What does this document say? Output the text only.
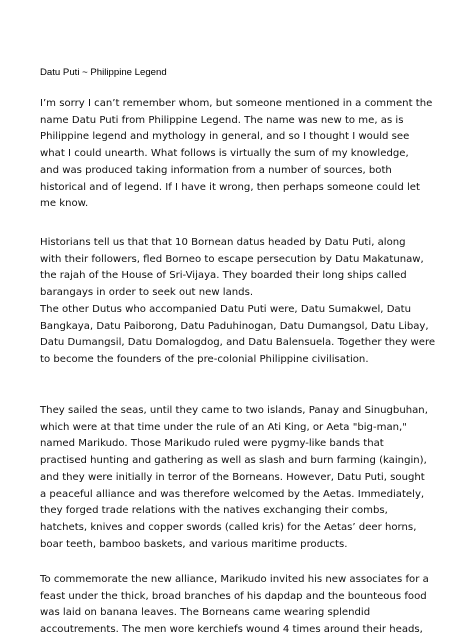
Datu Puti ~ Philippine Legend

I’m sorry I can’t remember whom, but someone mentioned in a comment the
name Datu Puti from Philippine Legend. The name was new to me, as is
Philippine legend and mythology in general, and so I thought I would see
what I could unearth. What follows is virtually the sum of my knowledge,
and was produced taking information from a number of sources, both
historical and of legend. If I have it wrong, then perhaps someone could let
me know.

Historians tell us that that 10 Bornean datus headed by Datu Puti, along
with their followers, fled Borneo to escape persecution by Datu Makatunaw,
the rajah of the House of Sri-Vijaya. They boarded their long ships called
barangays in order to seek out new lands.

The other Dutus who accompanied Datu Puti were, Datu Sumakwel, Datu
Bangkaya, Datu Paiborong, Datu Paduhinogan, Datu Dumangsol, Datu Libay,
Datu Dumangsil, Datu Domalogdog, and Datu Balensuela. Together they were
to become the founders of the pre-colonial Philippine civilisation.

They sailed the seas, until they came to two islands, Panay and Sinugbuhan,
which were at that time under the rule of an Ati King, or Aeta "big-man,"
named Marikudo. Those Marikudo ruled were pygmy-like bands that
practised hunting and gathering as well as slash and burn farming (kaingin),
and they were initially in terror of the Borneans. However, Datu Puti, sought
a peaceful alliance and was therefore welcomed by the Aetas. Immediately,
they forged trade relations with the natives exchanging their combs,
hatchets, knives and copper swords (called kris) for the Aetas’ deer horns,
boar teeth, bamboo baskets, and various maritime products.

To commemorate the new alliance, Marikudo invited his new associates for a
feast under the thick, broad branches of his dapdap and the bounteous food
was laid on banana leaves. The Borneans came wearing splendid
accoutrements. The men wore kerchiefs wound 4 times around their heads,
